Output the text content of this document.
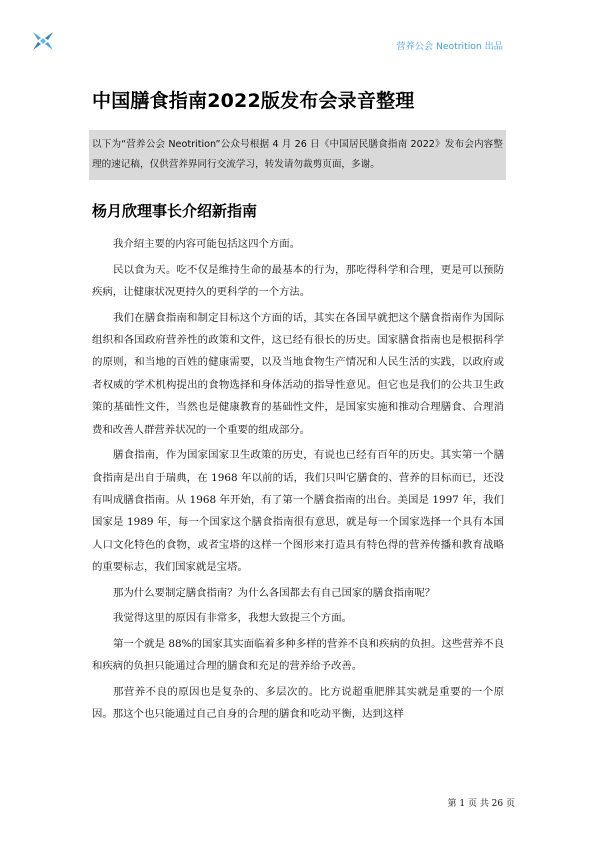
营养公会 Neotrition 出品
中国膳食指南2022版发布会录音整理

以下为“营养公会 Neotrition”公众号根据 4 月 26 日《中国居民膳食指南 2022》发布会内容整理的速记稿，仅供营养界同行交流学习，转发请勿裁剪页面，多谢。

杨月欣理事长介绍新指南

我介绍主要的内容可能包括这四个方面。

民以食为天。吃不仅是维持生命的最基本的行为，那吃得科学和合理，更是可以预防疾病，让健康状况更持久的更科学的一个方法。

我们在膳食指南和制定目标这个方面的话，其实在各国早就把这个膳食指南作为国际组织和各国政府营养性的政策和文件，这已经有很长的历史。国家膳食指南也是根据科学的原则，和当地的百姓的健康需要，以及当地食物生产情况和人民生活的实践，以政府或者权威的学术机构提出的食物选择和身体活动的指导性意见。但它也是我们的公共卫生政策的基础性文件，当然也是健康教育的基础性文件，是国家实施和推动合理膳食、合理消费和改善人群营养状况的一个重要的组成部分。

膳食指南，作为国家国家卫生政策的历史，有说也已经有百年的历史。其实第一个膳食指南是出自于瑞典，在 1968 年以前的话，我们只叫它膳食的、营养的目标而已，还没有叫成膳食指南。从 1968 年开始，有了第一个膳食指南的出台。美国是 1997 年，我们国家是 1989 年，每一个国家这个膳食指南很有意思，就是每一个国家选择一个具有本国人口文化特色的食物，或者宝塔的这样一个图形来打造具有特色得的营养传播和教育战略的重要标志，我们国家就是宝塔。

那为什么要制定膳食指南？为什么各国都去有自己国家的膳食指南呢？

我觉得这里的原因有非常多，我想大致提三个方面。

第一个就是 88%的国家其实面临着多种多样的营养不良和疾病的负担。这些营养不良和疾病的负担只能通过合理的膳食和充足的营养给予改善。

那营养不良的原因也是复杂的、多层次的。比方说超重肥胖其实就是重要的一个原因。那这个也只能通过自己自身的合理的膳食和吃动平衡，达到这样

第 1 页 共 26 页
